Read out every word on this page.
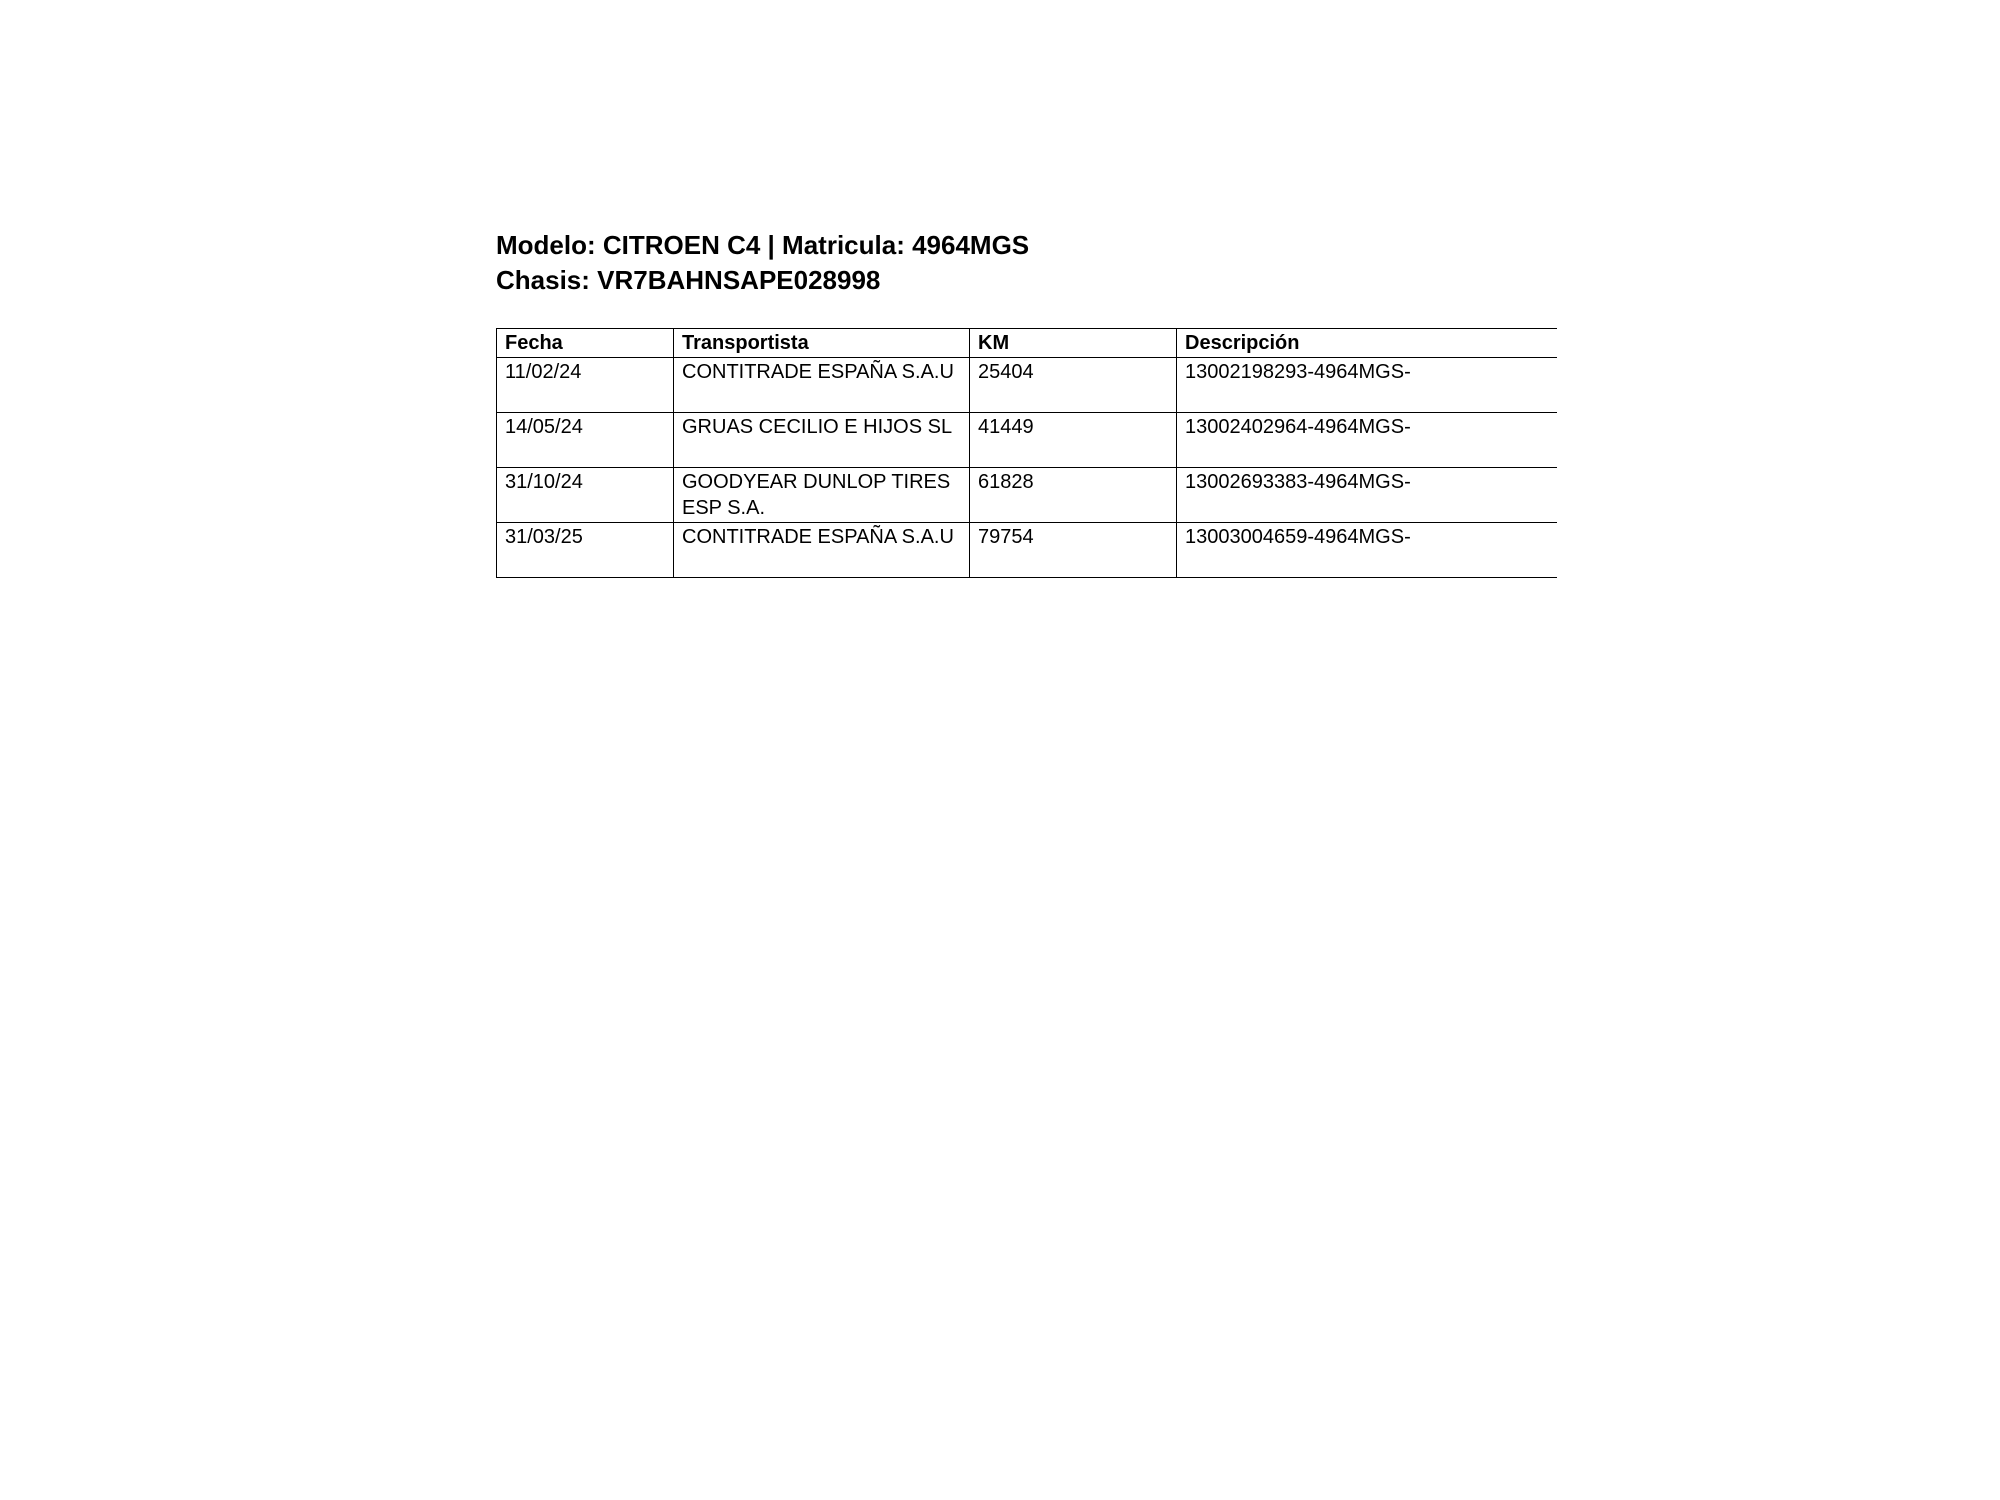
Modelo: CITROEN C4 | Matricula: 4964MGS

Chasis: VR7BAHNSAPE028998

Fecha	Transportista	KM	Descripción
11/02/24	CONTITRADE ESPAÑA S.A.U	25404	13002198293-4964MGS-
14/05/24	GRUAS CECILIO E HIJOS SL	41449	13002402964-4964MGS-
31/10/24	GOODYEAR DUNLOP TIRES ESP S.A.	61828	13002693383-4964MGS-
31/03/25	CONTITRADE ESPAÑA S.A.U	79754	13003004659-4964MGS-
